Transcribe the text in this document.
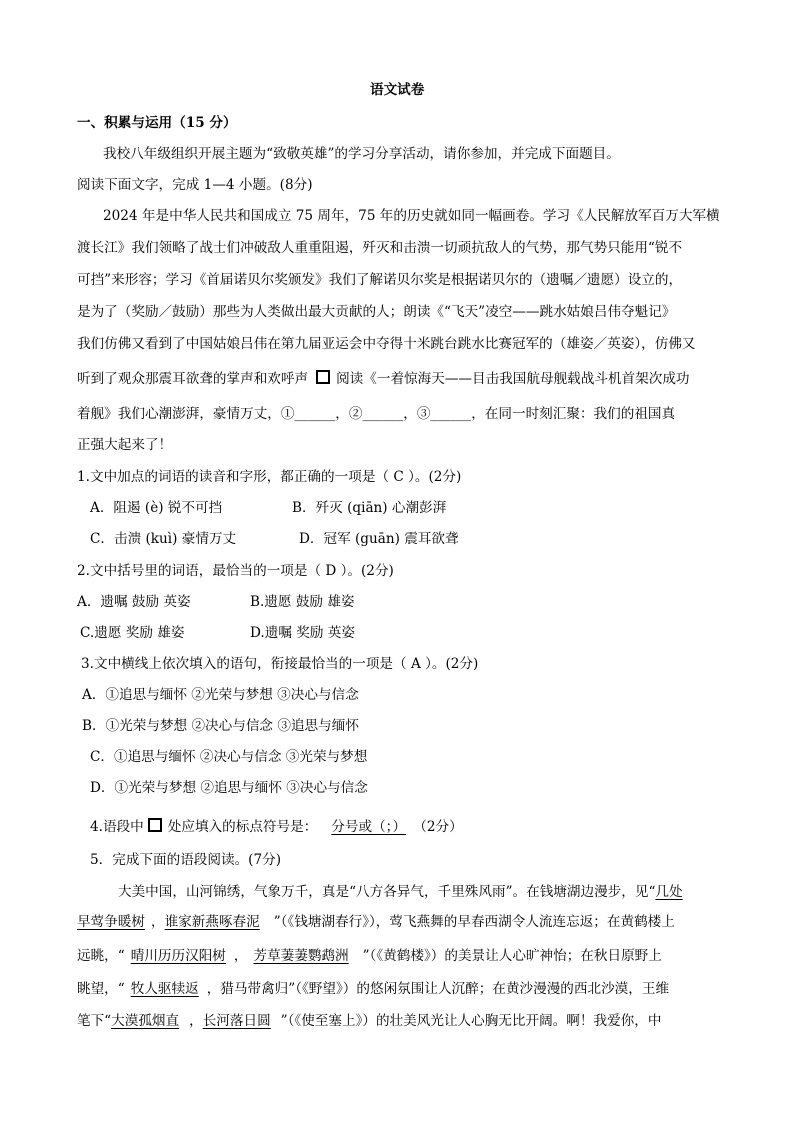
语文试卷
一、积累与运用（15 分）
我校八年级组织开展主题为“致敬英雄”的学习分享活动，请你参加，并完成下面题目。
阅读下面文字，完成 1—4 小题。(8分)
2024 年是中华人民共和国成立 75 周年，75 年的历史就如同一幅画卷。学习《人民解放军百万大军横
渡长江》我们领略了战士们冲破敌人重重阻遏，歼灭和击溃一切顽抗敌人的气势，那气势只能用“锐不
可挡”来形容；学习《首届诺贝尔奖颁发》我们了解诺贝尔奖是根据诺贝尔的（遗嘱／遗愿）设立的，
是为了（奖励／鼓励）那些为人类做出最大贡献的人；朗读《“飞天”凌空——跳水姑娘吕伟夺魁记》
我们仿佛又看到了中国姑娘吕伟在第九届亚运会中夺得十米跳台跳水比赛冠军的（雄姿／英姿），仿佛又
听到了观众那震耳欲聋的掌声和欢呼声 阅读《一着惊海天——目击我国航母舰载战斗机首架次成功
着舰》我们心潮澎湃，豪情万丈，①______，②______，③______，在同一时刻汇聚：我们的祖国真
正强大起来了！
1.文中加点的词语的读音和字形，都正确的一项是（ C ）。(2分)
A．阻遏 (è) 锐不可挡	B．歼灭 (qiān) 心潮彭湃
C．击溃 (kuì) 豪情万丈	D．冠军 (guān) 震耳欲聋
2.文中括号里的词语，最恰当的一项是（ D ）。(2分)
A．遗嘱 鼓励 英姿	B.遗愿 鼓励 雄姿
C.遗愿 奖励 雄姿	D.遗嘱 奖励 英姿
3.文中横线上依次填入的语句，衔接最恰当的一项是（ A ）。(2分)
A．①追思与缅怀 ②光荣与梦想 ③决心与信念
B．①光荣与梦想 ②决心与信念 ③追思与缅怀
C．①追思与缅怀 ②决心与信念 ③光荣与梦想
D．①光荣与梦想 ②追思与缅怀 ③决心与信念
4.语段中 处应填入的标点符号是： 分号或（；） （2分）
5．完成下面的语段阅读。(7分)
大美中国，山河锦绣，气象万千，真是“八方各异气，千里殊风雨”。在钱塘湖边漫步，见“几处
早莺争暖树 ，谁家新燕啄春泥 ”（《钱塘湖春行》），莺飞燕舞的早春西湖令人流连忘返；在黄鹤楼上
远眺，“ 晴川历历汉阳树 ， 芳草萋萋鹦鹉洲 ”（《黄鹤楼》）的美景让人心旷神怡；在秋日原野上
眺望，“ 牧人驱犊返 ，猎马带禽归”（《野望》）的悠闲氛围让人沉醉；在黄沙漫漫的西北沙漠，王维
笔下“大漠孤烟直 ，长河落日圆 ”（《使至塞上》）的壮美风光让人心胸无比开阔。啊！我爱你，中
